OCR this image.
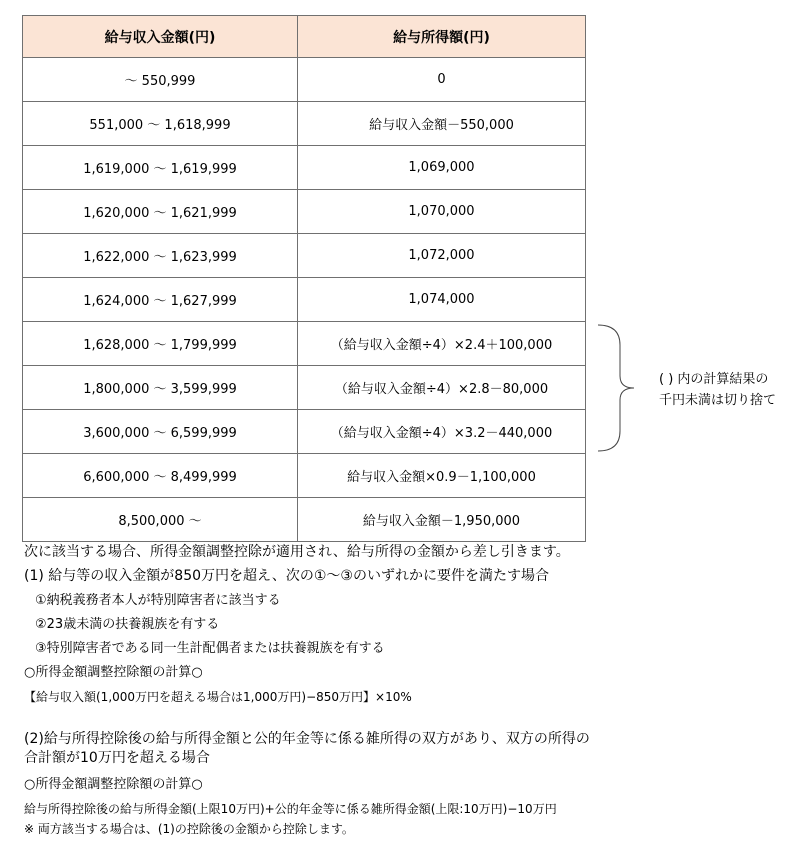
給与収入金額(円)	給与所得額(円)
～ 550,999	0
551,000 ～ 1,618,999	給与収入金額－550,000
1,619,000 ～ 1,619,999	1,069,000
1,620,000 ～ 1,621,999	1,070,000
1,622,000 ～ 1,623,999	1,072,000
1,624,000 ～ 1,627,999	1,074,000
1,628,000 ～ 1,799,999	（給与収入金額÷4）×2.4＋100,000
1,800,000 ～ 3,599,999	（給与収入金額÷4）×2.8－80,000
3,600,000 ～ 6,599,999	（給与収入金額÷4）×3.2－440,000
6,600,000 ～ 8,499,999	給与収入金額×0.9－1,100,000
8,500,000 ～	給与収入金額－1,950,000
( ) 内の計算結果の
千円未満は切り捨て
次に該当する場合、所得金額調整控除が適用され、給与所得の金額から差し引きます。
(1) 給与等の収入金額が850万円を超え、次の①～③のいずれかに要件を満たす場合
①納税義務者本人が特別障害者に該当する
②23歳未満の扶養親族を有する
③特別障害者である同一生計配偶者または扶養親族を有する
○所得金額調整控除額の計算○
【給与収入額(1,000万円を超える場合は1,000万円)−850万円】×10%
(2)給与所得控除後の給与所得金額と公的年金等に係る雑所得の双方があり、双方の所得の
合計額が10万円を超える場合
○所得金額調整控除額の計算○
給与所得控除後の給与所得金額(上限10万円)+公的年金等に係る雑所得金額(上限:10万円)−10万円
※ 両方該当する場合は、(1)の控除後の金額から控除します。
